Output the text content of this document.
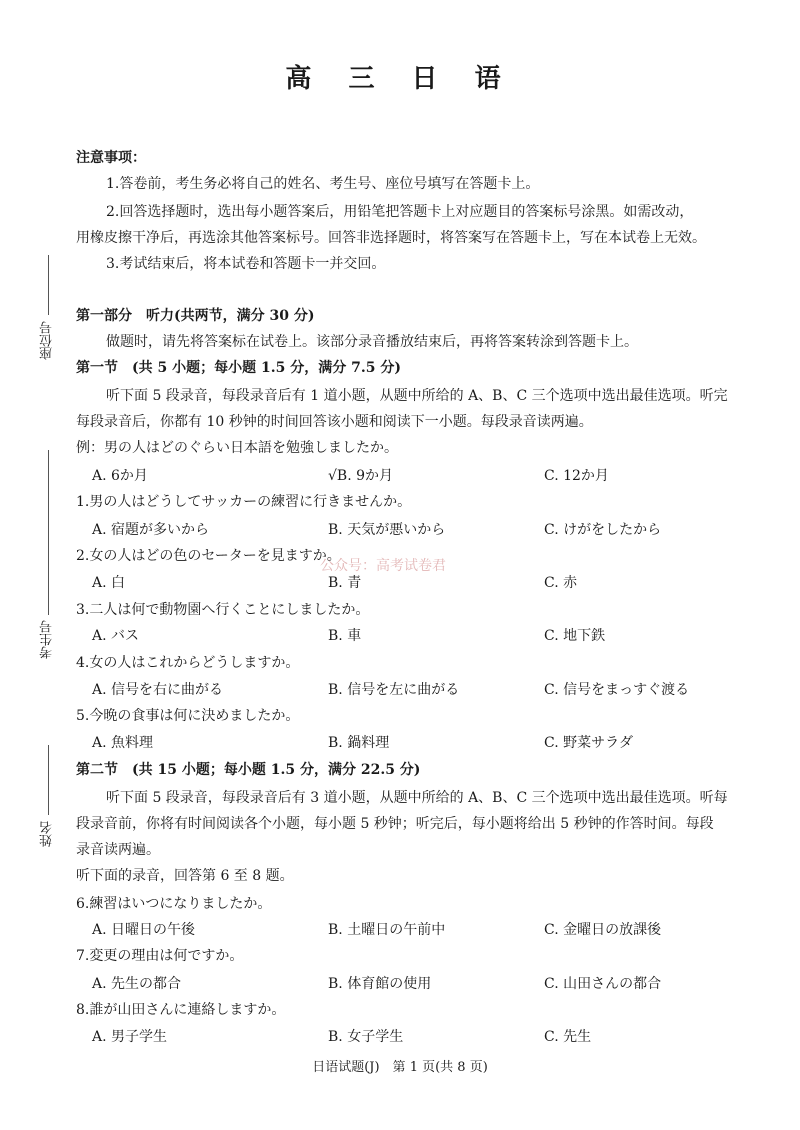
高 三 日 语
座位号
考生号
姓名
公众号：高考试卷君
注意事项：
1.答卷前，考生务必将自己的姓名、考生号、座位号填写在答题卡上。
2.回答选择题时，选出每小题答案后，用铅笔把答题卡上对应题目的答案标号涂黑。如需改动，
用橡皮擦干净后，再选涂其他答案标号。回答非选择题时，将答案写在答题卡上，写在本试卷上无效。
3.考试结束后，将本试卷和答题卡一并交回。
第一部分　听力(共两节，满分 30 分)
做题时，请先将答案标在试卷上。该部分录音播放结束后，再将答案转涂到答题卡上。
第一节　(共 5 小题；每小题 1.5 分，满分 7.5 分)
听下面 5 段录音，每段录音后有 1 道小题，从题中所给的 A、B、C 三个选项中选出最佳选项。听完
每段录音后，你都有 10 秒钟的时间回答该小题和阅读下一小题。每段录音读两遍。
例：男の人はどのぐらい日本語を勉強しましたか。
A. 6か月	√B. 9か月	C. 12か月
1.男の人はどうしてサッカーの練習に行きませんか。
A. 宿題が多いから	B. 天気が悪いから	C. けがをしたから
2.女の人はどの色のセーターを見ますか。
A. 白	B. 青	C. 赤
3.二人は何で動物園へ行くことにしましたか。
A. バス	B. 車	C. 地下鉄
4.女の人はこれからどうしますか。
A. 信号を右に曲がる	B. 信号を左に曲がる	C. 信号をまっすぐ渡る
5.今晩の食事は何に決めましたか。
A. 魚料理	B. 鍋料理	C. 野菜サラダ
第二节　(共 15 小题；每小题 1.5 分，满分 22.5 分)
听下面 5 段录音，每段录音后有 3 道小题，从题中所给的 A、B、C 三个选项中选出最佳选项。听每
段录音前，你将有时间阅读各个小题，每小题 5 秒钟；听完后，每小题将给出 5 秒钟的作答时间。每段
录音读两遍。
听下面的录音，回答第 6 至 8 题。
6.練習はいつになりましたか。
A. 日曜日の午後	B. 土曜日の午前中	C. 金曜日の放課後
7.変更の理由は何ですか。
A. 先生の都合	B. 体育館の使用	C. 山田さんの都合
8.誰が山田さんに連絡しますか。
A. 男子学生	B. 女子学生	C. 先生
日语试题(J)　第 1 页(共 8 页)
